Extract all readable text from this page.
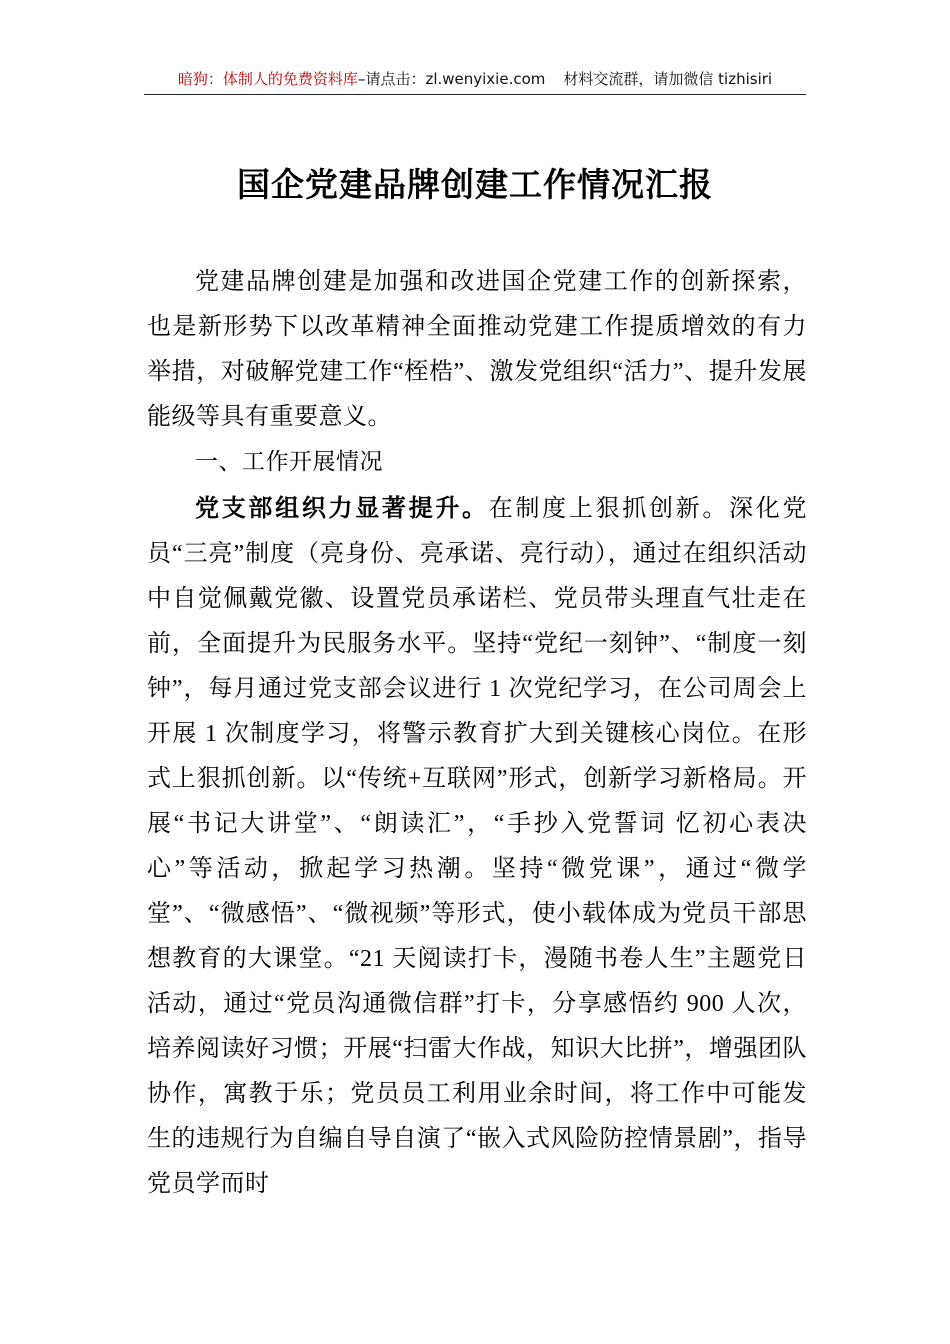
暗狗：体制人的免费资料库–请点击：zl.wenyixie.com 材料交流群，请加微信 tizhisiri
国企党建品牌创建工作情况汇报

党建品牌创建是加强和改进国企党建工作的创新探索，也是新形势下以改革精神全面推动党建工作提质增效的有力举措，对破解党建工作“桎梏”、激发党组织“活力”、提升发展能级等具有重要意义。

一、工作开展情况

党支部组织力显著提升。在制度上狠抓创新。深化党员“三亮”制度（亮身份、亮承诺、亮行动），通过在组织活动中自觉佩戴党徽、设置党员承诺栏、党员带头理直气壮走在前，全面提升为民服务水平。坚持“党纪一刻钟”、“制度一刻钟”，每月通过党支部会议进行 1 次党纪学习，在公司周会上开展 1 次制度学习，将警示教育扩大到关键核心岗位。在形式上狠抓创新。以“传统+互联网”形式，创新学习新格局。开展“书记大讲堂”、“朗读汇”，“手抄入党誓词 忆初心表决心”等活动，掀起学习热潮。坚持“微党课”，通过“微学堂”、“微感悟”、“微视频”等形式，使小载体成为党员干部思想教育的大课堂。“21 天阅读打卡，漫随书卷人生”主题党日活动，通过“党员沟通微信群”打卡，分享感悟约 900 人次，培养阅读好习惯；开展“扫雷大作战，知识大比拼”，增强团队协作，寓教于乐；党员员工利用业余时间，将工作中可能发生的违规行为自编自导自演了“嵌入式风险防控情景剧”，指导党员学而时
